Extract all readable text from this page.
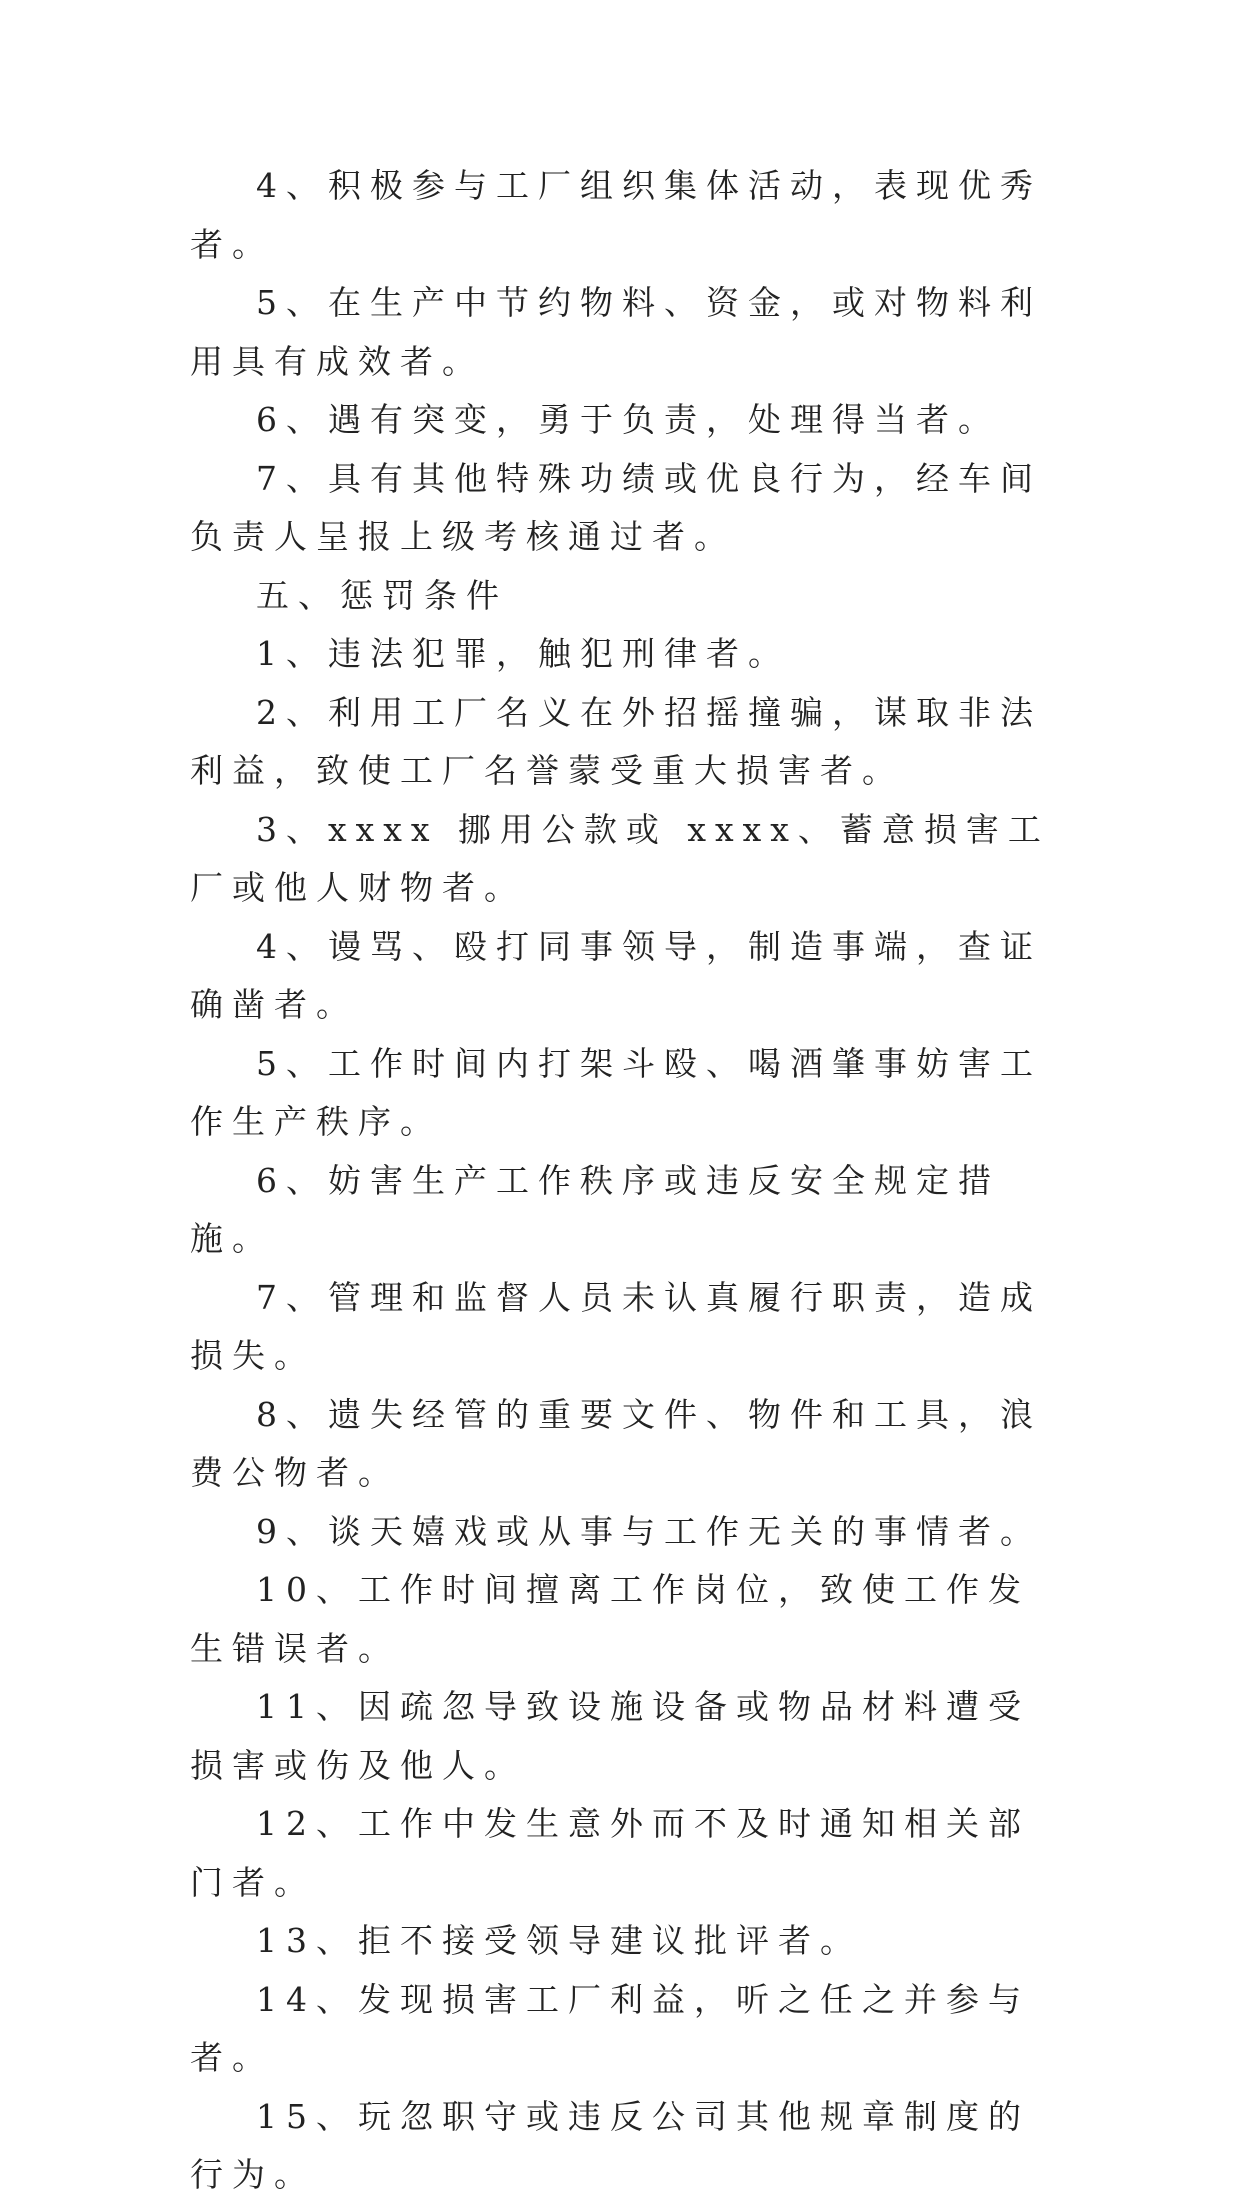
4、积极参与工厂组织集体活动，表现优秀者。

5、在生产中节约物料、资金，或对物料利用具有成效者。

6、遇有突变，勇于负责，处理得当者。

7、具有其他特殊功绩或优良行为，经车间负责人呈报上级考核通过者。

五、惩罚条件

1、违法犯罪，触犯刑律者。

2、利用工厂名义在外招摇撞骗，谋取非法利益，致使工厂名誉蒙受重大损害者。

3、xxxx 挪用公款或 xxxx、蓄意损害工厂或他人财物者。

4、谩骂、殴打同事领导，制造事端，查证确凿者。

5、工作时间内打架斗殴、喝酒肇事妨害工作生产秩序。

6、妨害生产工作秩序或违反安全规定措施。

7、管理和监督人员未认真履行职责，造成损失。

8、遗失经管的重要文件、物件和工具，浪费公物者。

9、谈天嬉戏或从事与工作无关的事情者。

10、工作时间擅离工作岗位，致使工作发生错误者。

11、因疏忽导致设施设备或物品材料遭受损害或伤及他人。

12、工作中发生意外而不及时通知相关部门者。

13、拒不接受领导建议批评者。

14、发现损害工厂利益，听之任之并参与者。

15、玩忽职守或违反公司其他规章制度的行为。
